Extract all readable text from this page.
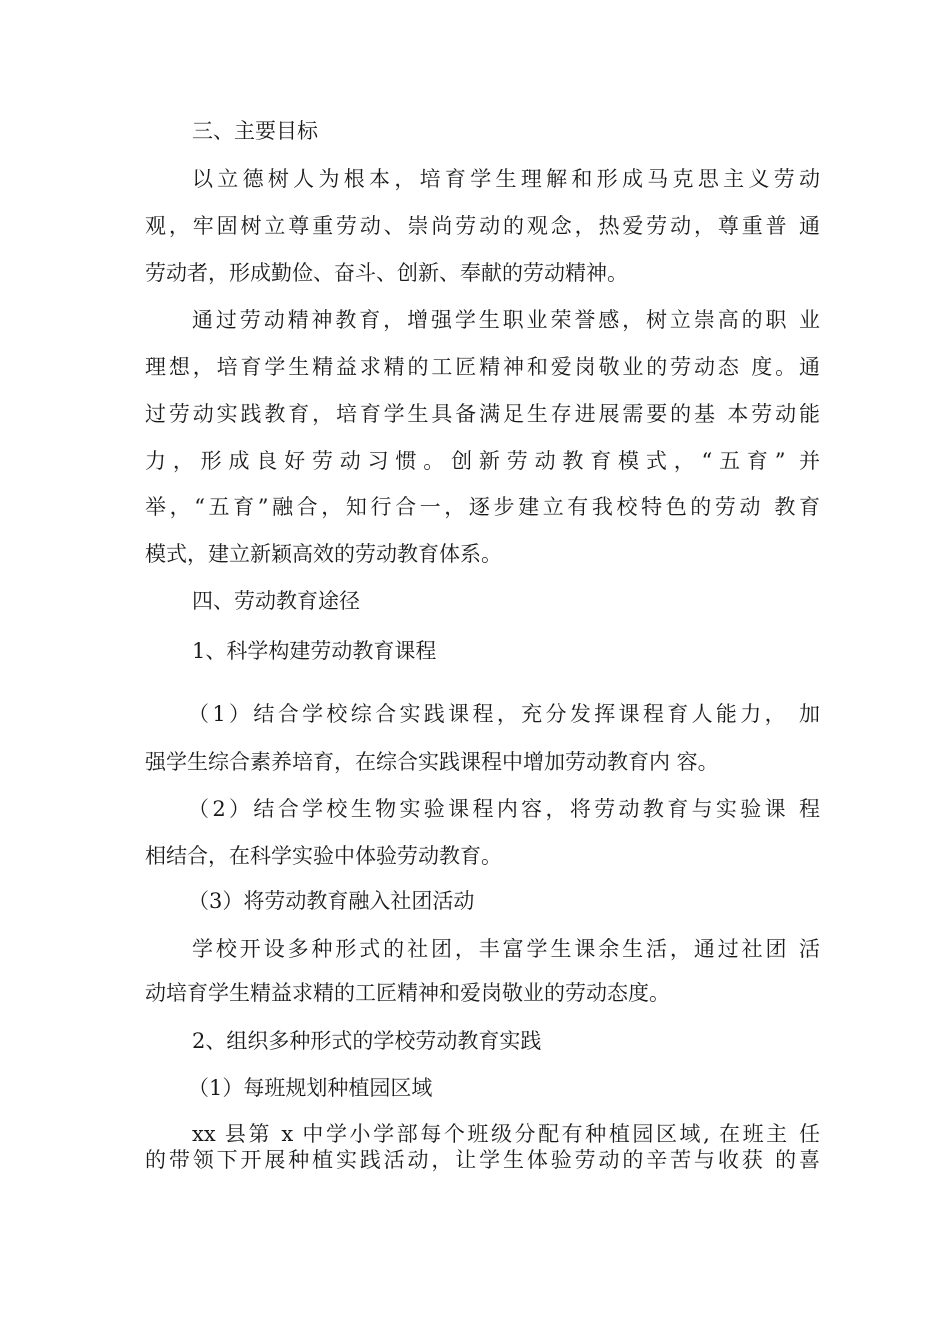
三、主要目标
以立德树人为根本，培育学生理解和形成马克思主义劳动
观，牢固树立尊重劳动、崇尚劳动的观念，热爱劳动，尊重普 通
劳动者，形成勤俭、奋斗、创新、奉献的劳动精神。
通过劳动精神教育，增强学生职业荣誉感，树立崇高的职 业
理想，培育学生精益求精的工匠精神和爱岗敬业的劳动态 度。通
过劳动实践教育，培育学生具备满足生存进展需要的基 本劳动能
力，形成良好劳动习惯。创新劳动教育模式，“五育” 并
举，“五育”融合，知行合一，逐步建立有我校特色的劳动 教育
模式，建立新颖高效的劳动教育体系。
四、劳动教育途径
1、科学构建劳动教育课程
（1）结合学校综合实践课程，充分发挥课程育人能力， 加
强学生综合素养培育，在综合实践课程中增加劳动教育内 容。
（2）结合学校生物实验课程内容，将劳动教育与实验课 程
相结合，在科学实验中体验劳动教育。
（3）将劳动教育融入社团活动
学校开设多种形式的社团，丰富学生课余生活，通过社团 活
动培育学生精益求精的工匠精神和爱岗敬业的劳动态度。
2、组织多种形式的学校劳动教育实践
（1）每班规划种植园区域
xx 县第 x 中学小学部每个班级分配有种植园区域, 在班主 任
的带领下开展种植实践活动，让学生体验劳动的辛苦与收获 的喜
